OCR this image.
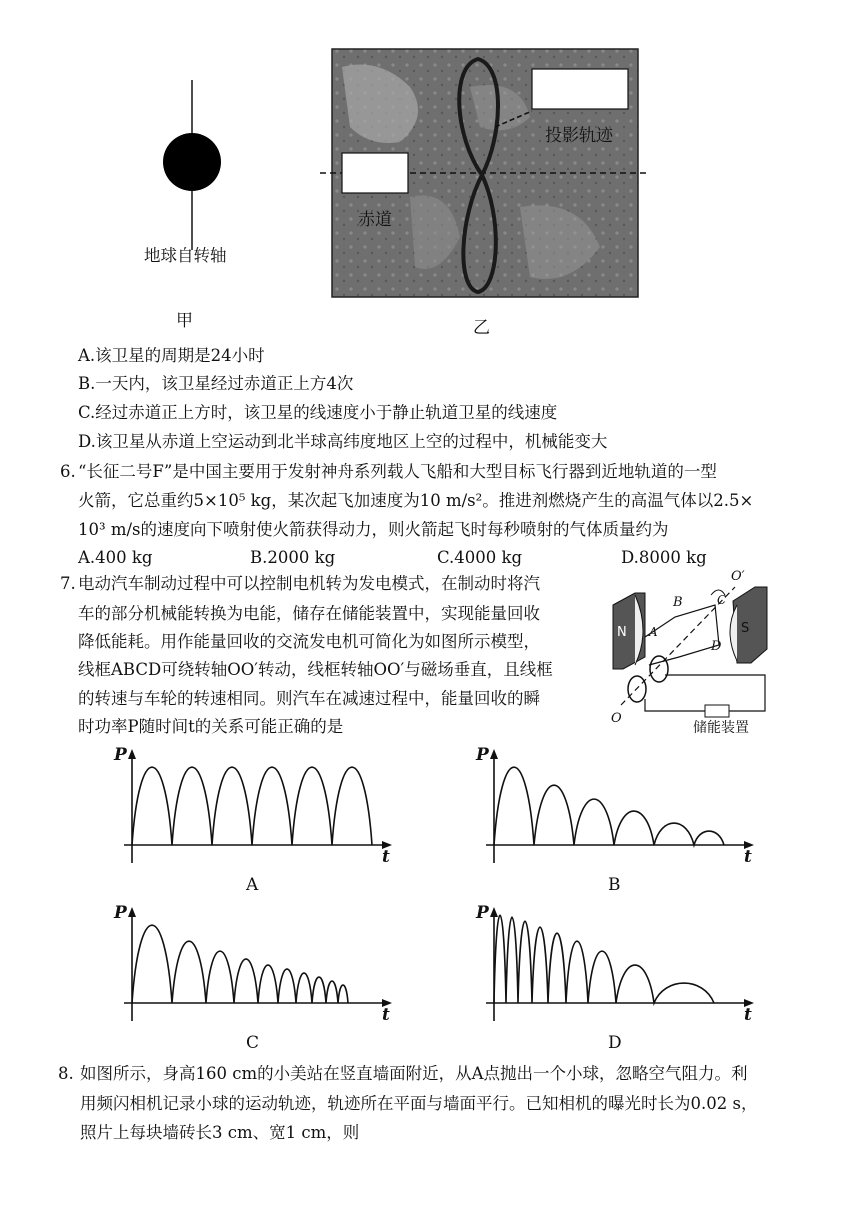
地球自转轴
甲
投影轨迹
赤道
乙
A.该卫星的周期是24小时
B.一天内，该卫星经过赤道正上方4次
C.经过赤道正上方时，该卫星的线速度小于静止轨道卫星的线速度
D.该卫星从赤道上空运动到北半球高纬度地区上空的过程中，机械能变大
6. “长征二号F”是中国主要用于发射神舟系列载人飞船和大型目标飞行器到近地轨道的一型
火箭，它总重约5×10⁵ kg，某次起飞加速度为10 m/s²。推进剂燃烧产生的高温气体以2.5×
10³ m/s的速度向下喷射使火箭获得动力，则火箭起飞时每秒喷射的气体质量约为
A.400 kg	B.2000 kg	C.4000 kg	D.8000 kg
7. 电动汽车制动过程中可以控制电机转为发电模式，在制动时将汽
车的部分机械能转换为电能，储存在储能装置中，实现能量回收
降低能耗。用作能量回收的交流发电机可简化为如图所示模型，
线框ABCD可绕转轴OO′转动，线框转轴OO′与磁场垂直，且线框
的转速与车轮的转速相同。则汽车在减速过程中，能量回收的瞬
时功率P随时间t的关系可能正确的是
N	S
A
B	C
D
O
O′
储能装置
P
t
A
P
t
B
P
t
C
P
t
D
8. 如图所示，身高160 cm的小美站在竖直墙面附近，从A点抛出一个小球，忽略空气阻力。利
用频闪相机记录小球的运动轨迹，轨迹所在平面与墙面平行。已知相机的曝光时长为0.02 s，
照片上每块墙砖长3 cm、宽1 cm，则
